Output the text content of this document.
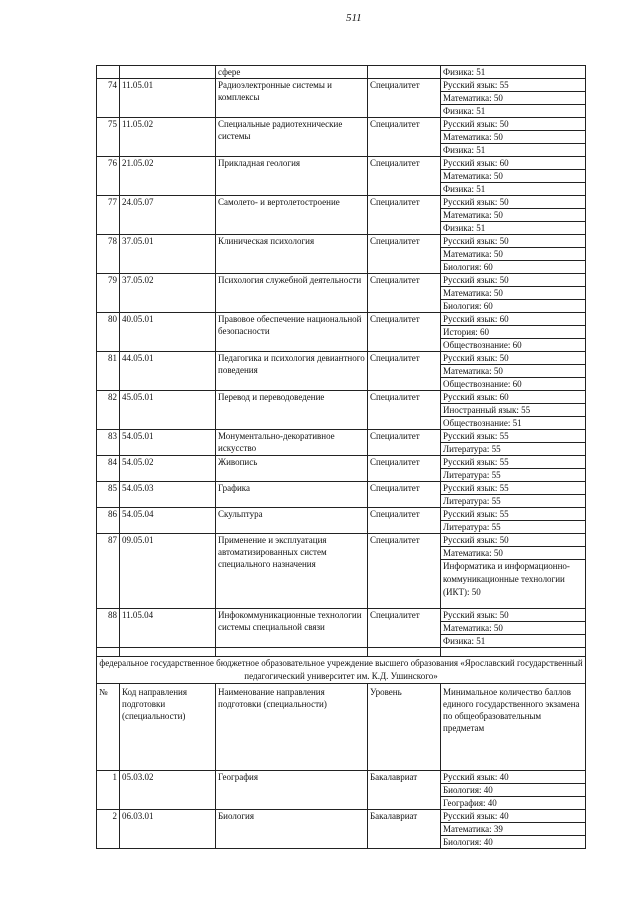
511
		сфере		Физика: 51
74	11.05.01	Радиоэлектронные системы и комплексы	Специалитет	Русский язык: 55
				Математика: 50
				Физика: 51
75	11.05.02	Специальные радиотехнические системы	Специалитет	Русский язык: 50
				Математика: 50
				Физика: 51
76	21.05.02	Прикладная геология	Специалитет	Русский язык: 60
				Математика: 50
				Физика: 51
77	24.05.07	Самолето- и вертолетостроение	Специалитет	Русский язык: 50
				Математика: 50
				Физика: 51
78	37.05.01	Клиническая психология	Специалитет	Русский язык: 50
				Математика: 50
				Биология: 60
79	37.05.02	Психология служебной деятельности	Специалитет	Русский язык: 50
				Математика: 50
				Биология: 60
80	40.05.01	Правовое обеспечение национальной безопасности	Специалитет	Русский язык: 60
				История: 60
				Обществознание: 60
81	44.05.01	Педагогика и психология девиантного поведения	Специалитет	Русский язык: 50
				Математика: 50
				Обществознание: 60
82	45.05.01	Перевод и переводоведение	Специалитет	Русский язык: 60
				Иностранный язык: 55
				Обществознание: 51
83	54.05.01	Монументально-декоративное искусство	Специалитет	Русский язык: 55
				Литература: 55
84	54.05.02	Живопись	Специалитет	Русский язык: 55
				Литература: 55
85	54.05.03	Графика	Специалитет	Русский язык: 55
				Литература: 55
86	54.05.04	Скульптура	Специалитет	Русский язык: 55
				Литература: 55
87	09.05.01	Применение и эксплуатация автоматизированных систем специального назначения	Специалитет	Русский язык: 50
				Математика: 50
				Информатика и информационно-коммуникационные технологии (ИКТ): 50
88	11.05.04	Инфокоммуникационные технологии системы специальной связи	Специалитет	Русский язык: 50
				Математика: 50
				Физика: 51

федеральное государственное бюджетное образовательное учреждение высшего образования «Ярославский государственный педагогический университет им. К.Д. Ушинского»				
№	Код направления подготовки (специальности)	Наименование направления подготовки (специальности)	Уровень	Минимальное количество баллов единого государственного экзамена по общеобразовательным предметам
1	05.03.02	География	Бакалавриат	Русский язык: 40
				Биология: 40
				География: 40
2	06.03.01	Биология	Бакалавриат	Русский язык: 40
				Математика: 39
				Биология: 40
